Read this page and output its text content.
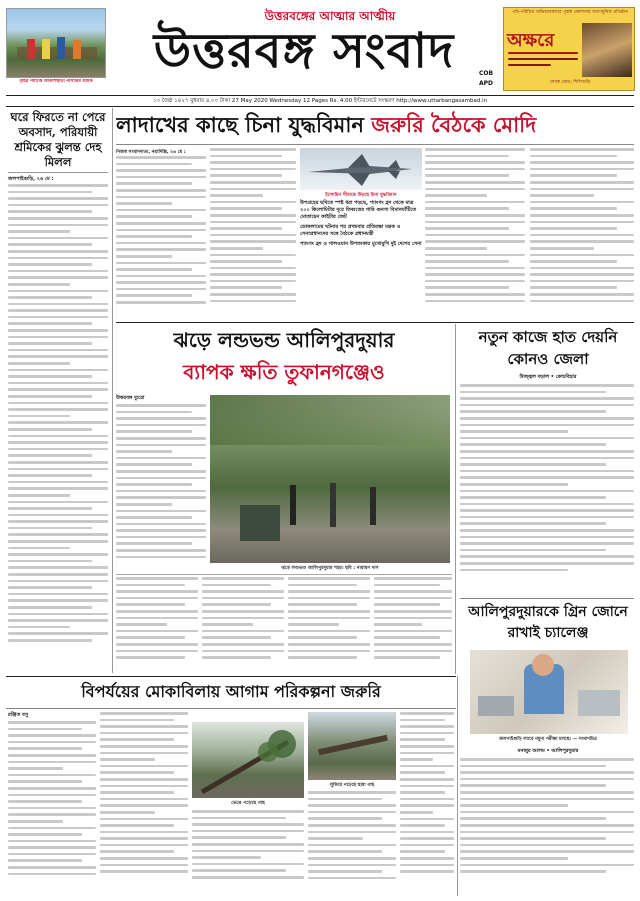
বৃষ্টির পর্যাপ্তে আকাশছাড়া নার্সারির শ্রমিক
উত্তরবঙ্গের আত্মার আত্মীয়
উত্তরবঙ্গ সংবাদ	COB
APD
পাঠ-পরিচিত অভিভাবকদের পুস্তক প্রকাশনার অত্যাধুনিক প্রতিষ্ঠান
অক্ষরে
সেবক রোড, শিলিগুড়ি
১৩ জৈষ্ঠ ১৪২৭ বুধবার ৪.০০ টাকা 27 May 2020 Wednesday 12 Pages Rs. 4.00 ইন্টারনেটে সংস্করণ http://www.uttarbangasambad.in
ঘরে ফিরতে না পেরে অবসাদ, পরিযায়ী শ্রমিকের ঝুলন্ত দেহ মিলল
জলপাইগুড়ি, ২৬ মে :
লাদাখের কাছে চিনা যুদ্ধবিমান জরুরি বৈঠকে মোদি
নিজস্ব সংবাদদাতা, নয়াদিল্লি, ২৬ মে :
ইন্দোচিন সীমান্তে উড়ছে চিনা যুদ্ধবিমান
উপগ্রহের ছবিতে স্পষ্ট ধরা পড়ছে, প্যাংগং হ্রদ থেকে মাত্র ২০০ কিলোমিটার দূরে তিব্বতের গারি গুনসা বিমানঘাঁটিতে মোতায়েন ফাইটার জেট
ডোকলামের ঘটনার পর প্রথমবার প্রতিরক্ষা মন্ত্রক ও সেনাপ্রধানদের সঙ্গে বৈঠকে প্রধানমন্ত্রী
প্যাংগং হ্রদ ও গালওয়ান উপত্যকায় মুখোমুখি দুই দেশের সেনা
ঝড়ে লন্ডভন্ড আলিপুরদুয়ার
ব্যাপক ক্ষতি তুফানগঞ্জেও
উত্তরবঙ্গ ব্যুরো
ঝড়ে লণ্ডভণ্ড আলিপুরদুয়ার শহর। ছবি : নারায়ণ দাস
নতুন কাজে হাত দেয়নি কোনও জেলা
উজ্জ্বল বড়াল • কোচবিহার
আলিপুরদুয়ারকে গ্রিন জোনে রাখাই চ্যালেঞ্জ
জলপাইগুড়ি ল্যাবে নমুনা পরীক্ষা চলছে। — সংবাদচিত্র
মনজুর আলম • আলিপুরদুয়ার
বিপর্যয়ের মোকাবিলায় আগাম পরিকল্পনা জরুরি
রঞ্জিত বসু
ভেঙে পড়েছে গাছ
লুকিয়ে পড়েছে ছায়া গাছ
